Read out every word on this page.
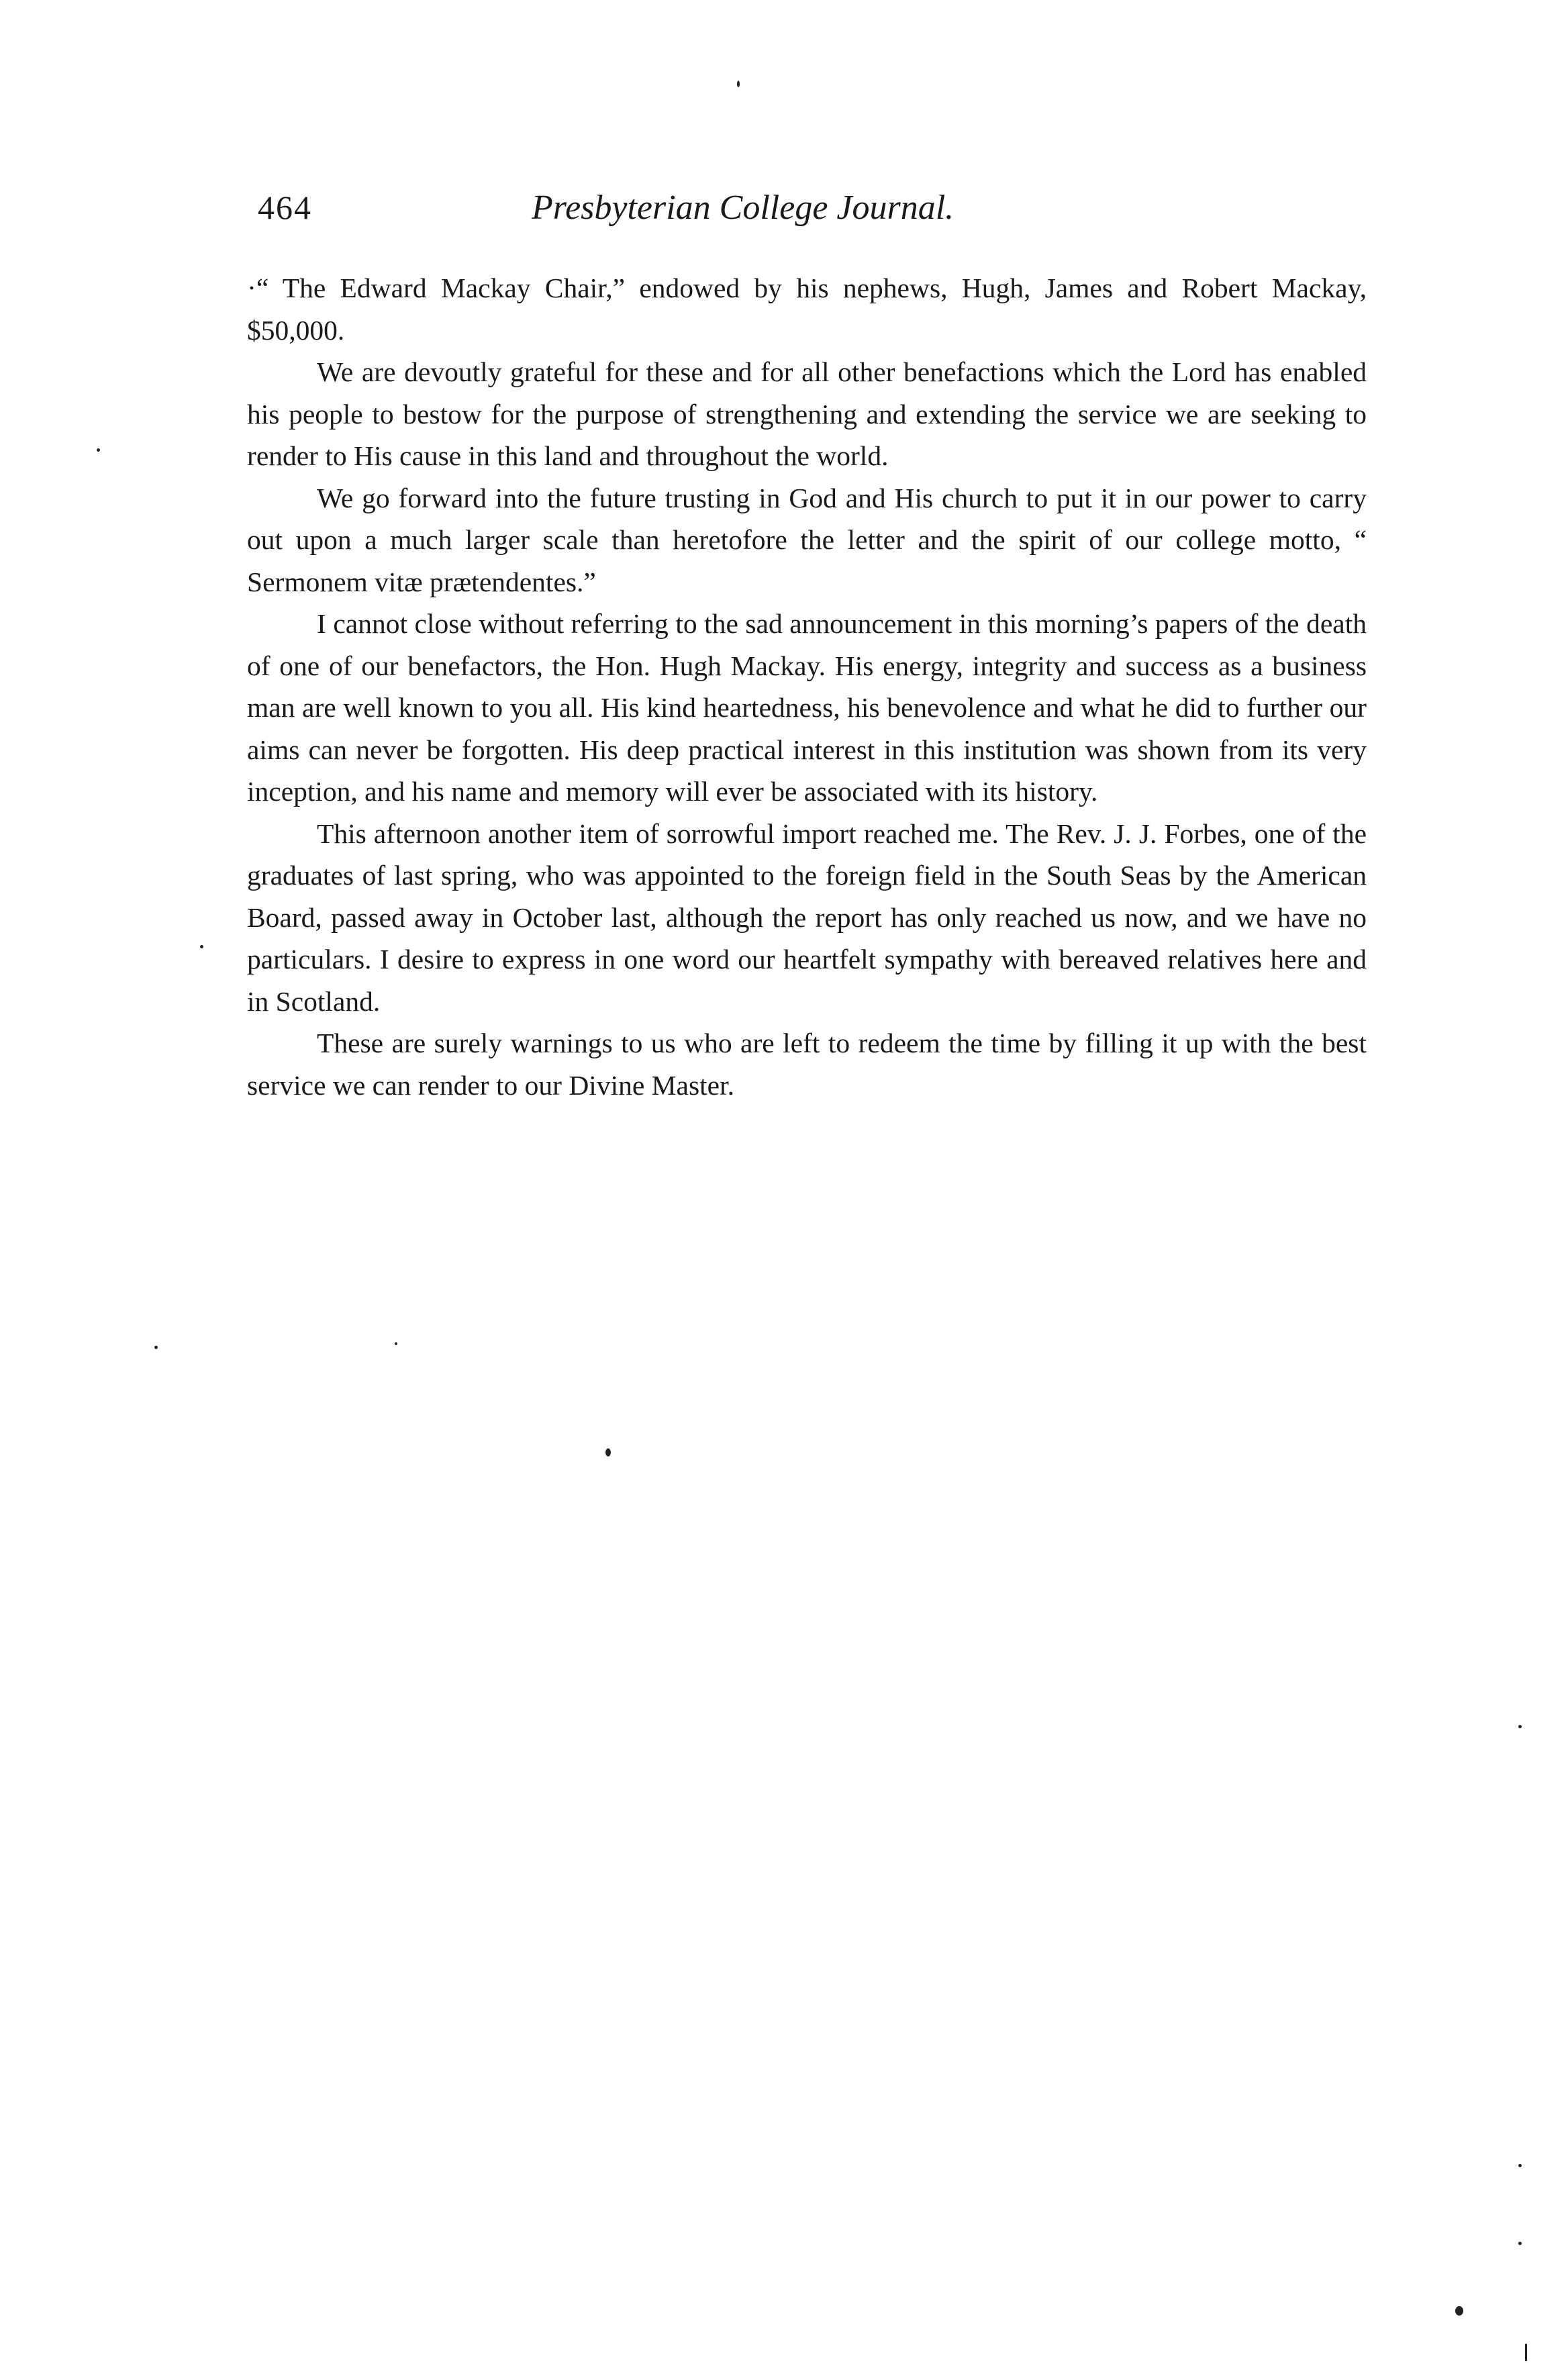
464	Presbyterian College Journal.

·“ The Edward Mackay Chair,” endowed by his nephews, Hugh, James and Robert Mackay, $50,000.

We are devoutly grateful for these and for all other benefactions which the Lord has enabled his people to bestow for the purpose of strengthening and extending the service we are seeking to render to His cause in this land and throughout the world.

We go forward into the future trusting in God and His church to put it in our power to carry out upon a much larger scale than heretofore the letter and the spirit of our college motto, “ Sermonem vitæ prætendentes.”

I cannot close without referring to the sad announcement in this morning’s papers of the death of one of our benefactors, the Hon. Hugh Mackay. His energy, integrity and success as a business man are well known to you all. His kind heartedness, his benevolence and what he did to further our aims can never be forgotten. His deep practical interest in this institution was shown from its very inception, and his name and memory will ever be associated with its history.

This afternoon another item of sorrowful import reached me. The Rev. J. J. Forbes, one of the graduates of last spring, who was appointed to the foreign field in the South Seas by the American Board, passed away in October last, although the report has only reached us now, and we have no particulars. I desire to express in one word our heartfelt sympathy with bereaved relatives here and in Scotland.

These are surely warnings to us who are left to redeem the time by filling it up with the best service we can render to our Divine Master.
